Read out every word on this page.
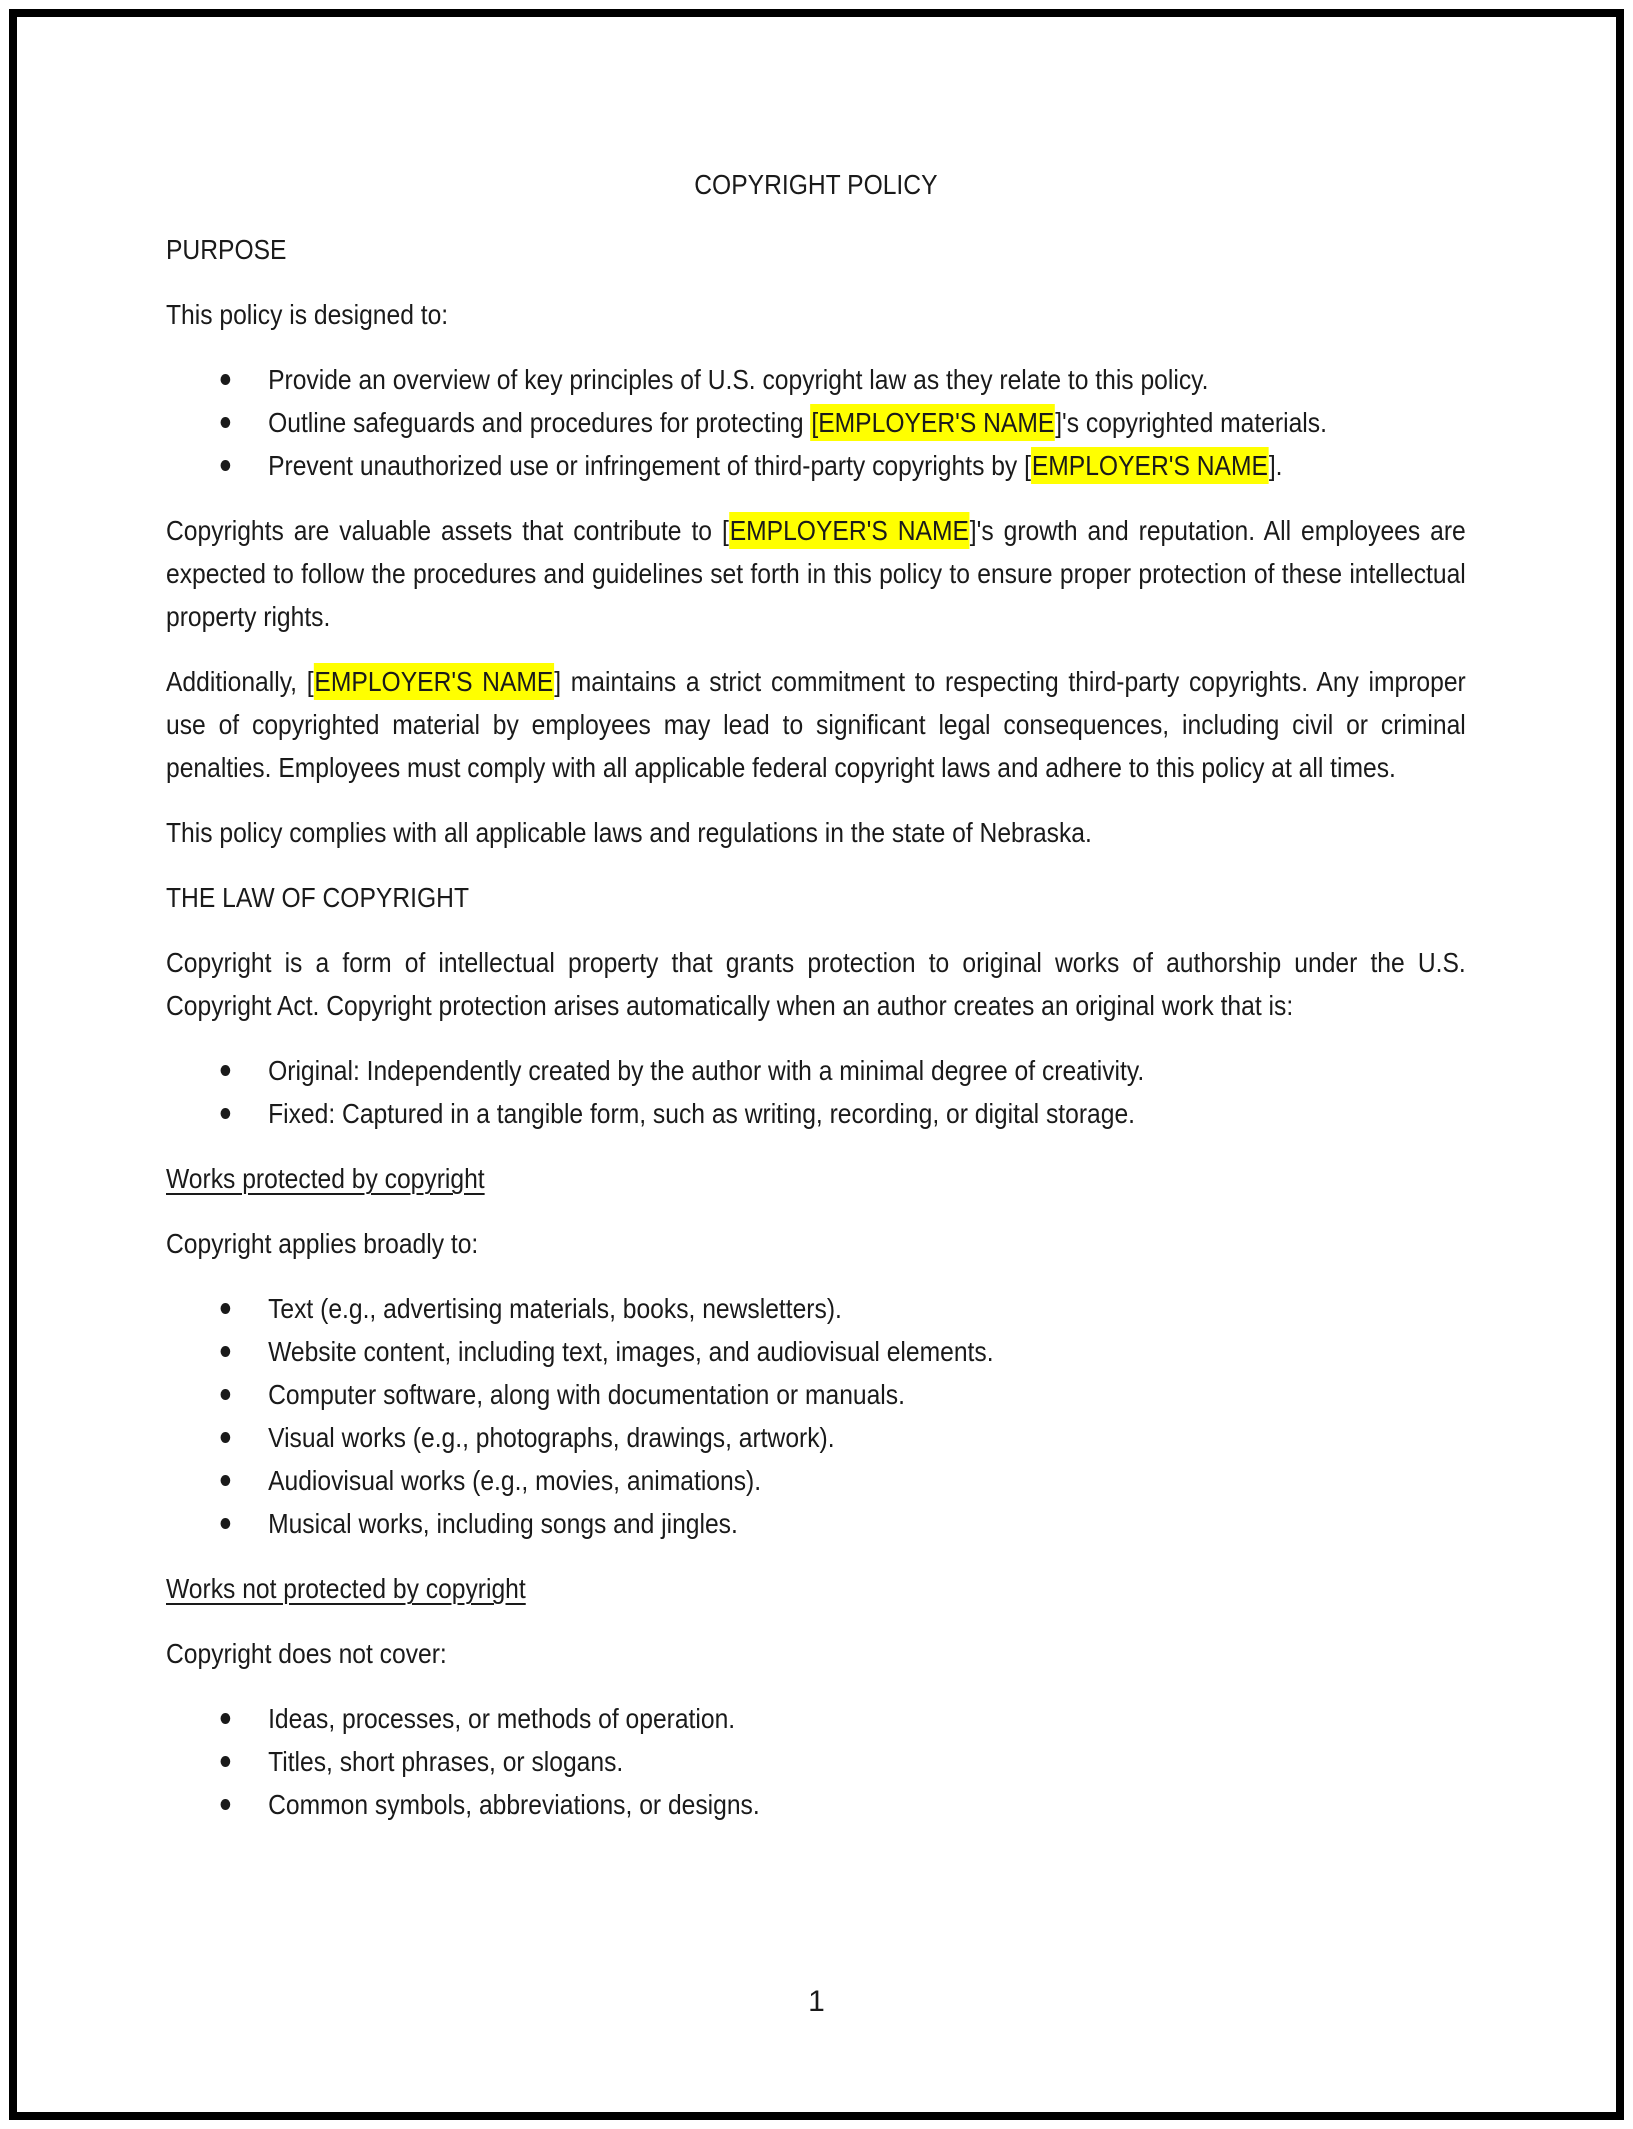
COPYRIGHT POLICY
PURPOSE

This policy is designed to:

Provide an overview of key principles of U.S. copyright law as they relate to this policy.
Outline safeguards and procedures for protecting [EMPLOYER'S NAME]'s copyrighted materials.
Prevent unauthorized use or infringement of third-party copyrights by [EMPLOYER'S NAME].

Copyrights are valuable assets that contribute to [EMPLOYER'S NAME]'s growth and reputation. All employees are expected to follow the procedures and guidelines set forth in this policy to ensure proper protection of these intellectual property rights.

Additionally, [EMPLOYER'S NAME] maintains a strict commitment to respecting third-party copyrights. Any improper use of copyrighted material by employees may lead to significant legal consequences, including civil or criminal penalties. Employees must comply with all applicable federal copyright laws and adhere to this policy at all times.

This policy complies with all applicable laws and regulations in the state of Nebraska.

THE LAW OF COPYRIGHT

Copyright is a form of intellectual property that grants protection to original works of authorship under the U.S. Copyright Act. Copyright protection arises automatically when an author creates an original work that is:

Original: Independently created by the author with a minimal degree of creativity.
Fixed: Captured in a tangible form, such as writing, recording, or digital storage.
Works protected by copyright

Copyright applies broadly to:

Text (e.g., advertising materials, books, newsletters).
Website content, including text, images, and audiovisual elements.
Computer software, along with documentation or manuals.
Visual works (e.g., photographs, drawings, artwork).
Audiovisual works (e.g., movies, animations).
Musical works, including songs and jingles.
Works not protected by copyright

Copyright does not cover:

Ideas, processes, or methods of operation.
Titles, short phrases, or slogans.
Common symbols, abbreviations, or designs.
1
